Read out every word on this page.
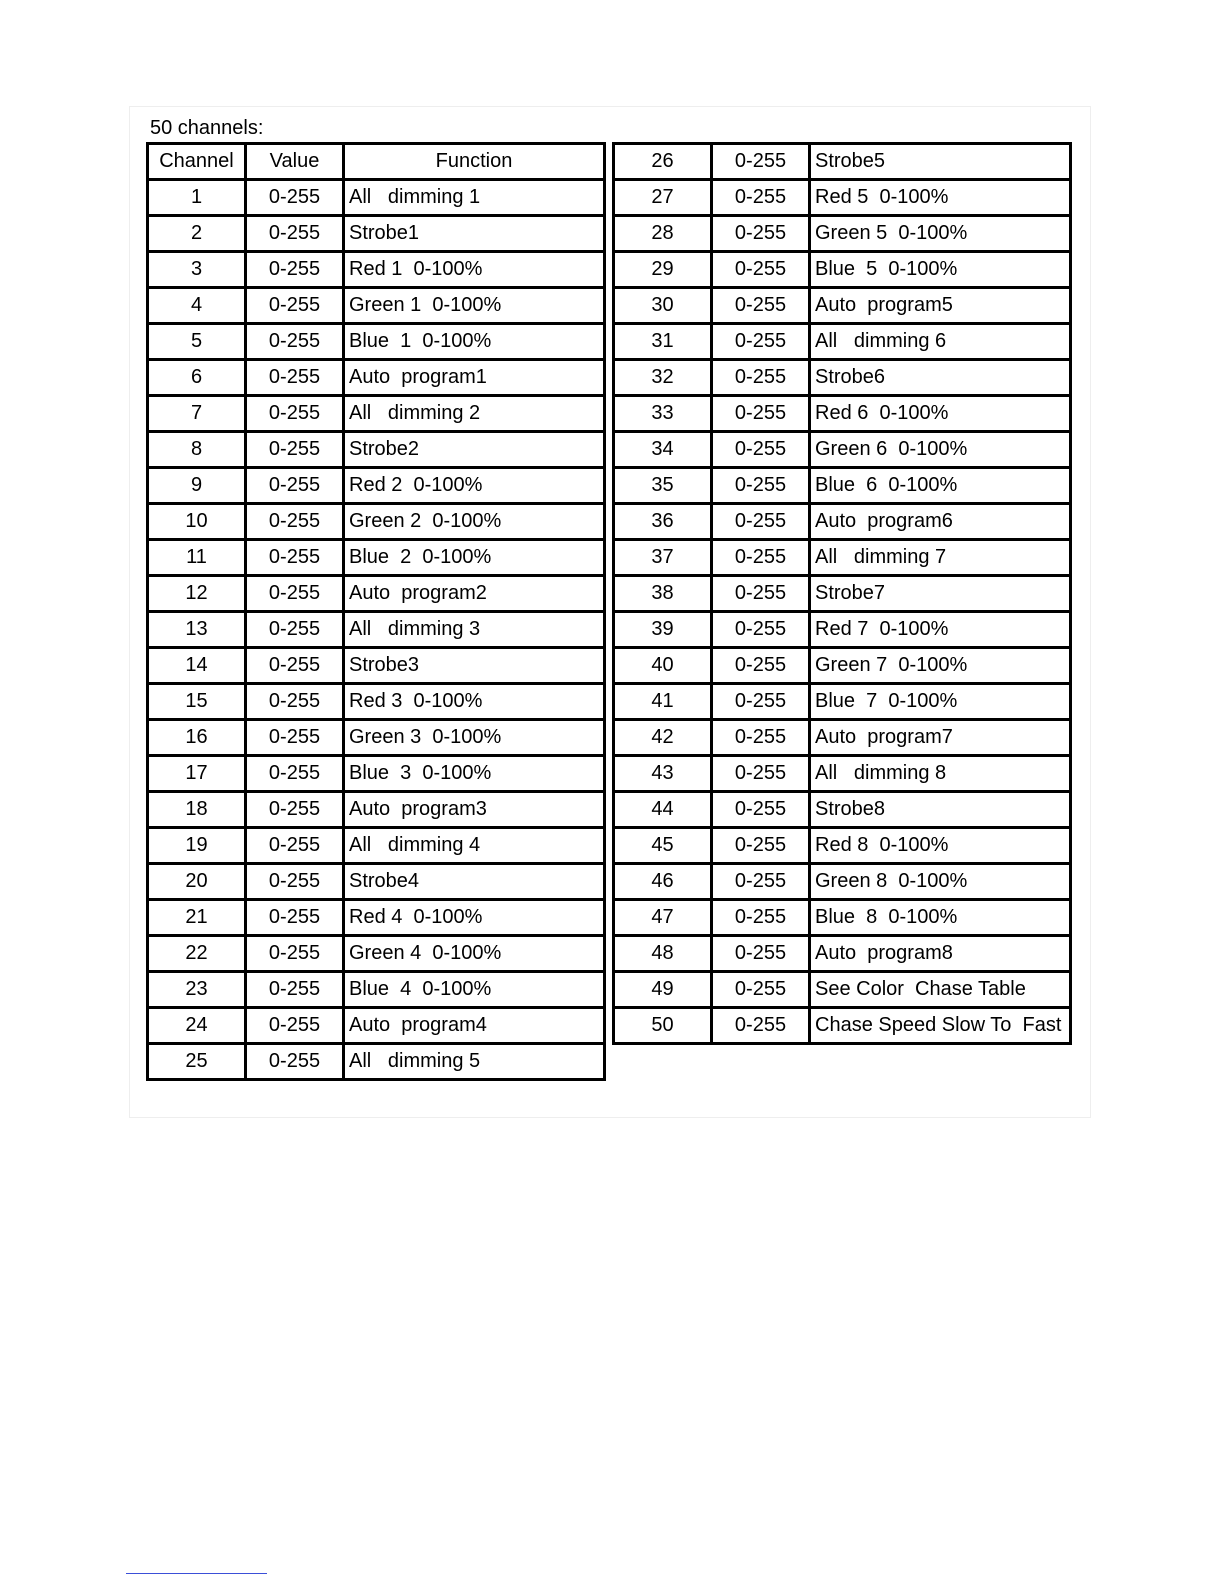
50 channels:
Channel	Value	Function
1	0-255	All   dimming 1
2	0-255	Strobe1
3	0-255	Red 1  0-100%
4	0-255	Green 1  0-100%
5	0-255	Blue  1  0-100%
6	0-255	Auto  program1
7	0-255	All   dimming 2
8	0-255	Strobe2
9	0-255	Red 2  0-100%
10	0-255	Green 2  0-100%
11	0-255	Blue  2  0-100%
12	0-255	Auto  program2
13	0-255	All   dimming 3
14	0-255	Strobe3
15	0-255	Red 3  0-100%
16	0-255	Green 3  0-100%
17	0-255	Blue  3  0-100%
18	0-255	Auto  program3
19	0-255	All   dimming 4
20	0-255	Strobe4
21	0-255	Red 4  0-100%
22	0-255	Green 4  0-100%
23	0-255	Blue  4  0-100%
24	0-255	Auto  program4
25	0-255	All   dimming 5
26	0-255	Strobe5
27	0-255	Red 5  0-100%
28	0-255	Green 5  0-100%
29	0-255	Blue  5  0-100%
30	0-255	Auto  program5
31	0-255	All   dimming 6
32	0-255	Strobe6
33	0-255	Red 6  0-100%
34	0-255	Green 6  0-100%
35	0-255	Blue  6  0-100%
36	0-255	Auto  program6
37	0-255	All   dimming 7
38	0-255	Strobe7
39	0-255	Red 7  0-100%
40	0-255	Green 7  0-100%
41	0-255	Blue  7  0-100%
42	0-255	Auto  program7
43	0-255	All   dimming 8
44	0-255	Strobe8
45	0-255	Red 8  0-100%
46	0-255	Green 8  0-100%
47	0-255	Blue  8  0-100%
48	0-255	Auto  program8
49	0-255	See Color  Chase Table
50	0-255	Chase Speed Slow To  Fast
